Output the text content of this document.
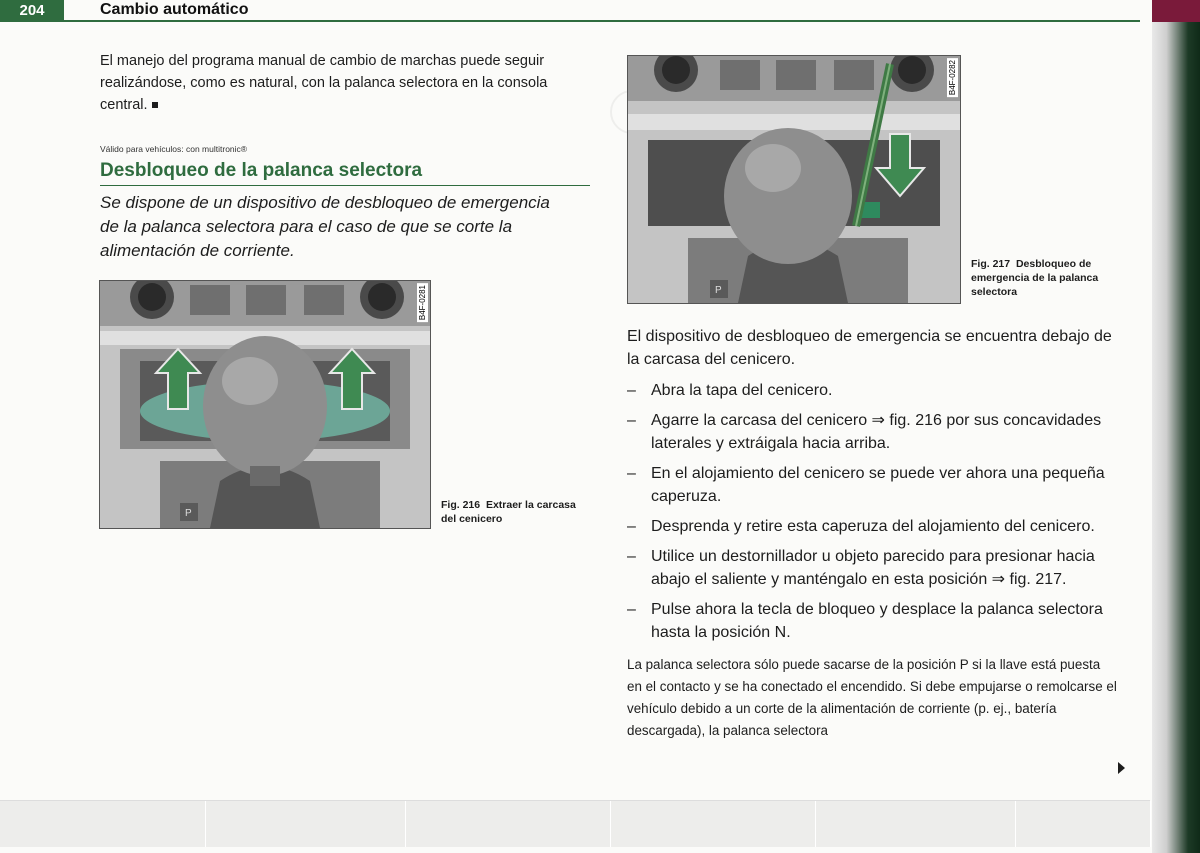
204	Cambio automático
El manejo del programa manual de cambio de marchas puede seguir realizándose, como es natural, con la palanca selectora en la consola central.
Válido para vehículos: con multitronic®
Desbloqueo de la palanca selectora
Se dispone de un dispositivo de desbloqueo de emergencia de la palanca selectora para el caso de que se corte la alimentación de corriente.
P
B4F-0281
Fig. 216 Extraer la carcasa del cenicero
P
B4F-0282
Fig. 217 Desbloqueo de emergencia de la palanca selectora

El dispositivo de desbloqueo de emergencia se encuentra debajo de la carcasa del cenicero.

– Abra la tapa del cenicero.

– Agarre la carcasa del cenicero ⇒ fig. 216 por sus concavidades laterales y extráigala hacia arriba.

– En el alojamiento del cenicero se puede ver ahora una pequeña caperuza.

– Desprenda y retire esta caperuza del alojamiento del cenicero.

– Utilice un destornillador u objeto parecido para presionar hacia abajo el saliente y manténgalo en esta posición ⇒ fig. 217.

– Pulse ahora la tecla de bloqueo y desplace la palanca selectora hasta la posición N.

La palanca selectora sólo puede sacarse de la posición P si la llave está puesta en el contacto y se ha conectado el encendido. Si debe empujarse o remolcarse el vehículo debido a un corte de la alimentación de corriente (p. ej., batería descargada), la palanca selectora
